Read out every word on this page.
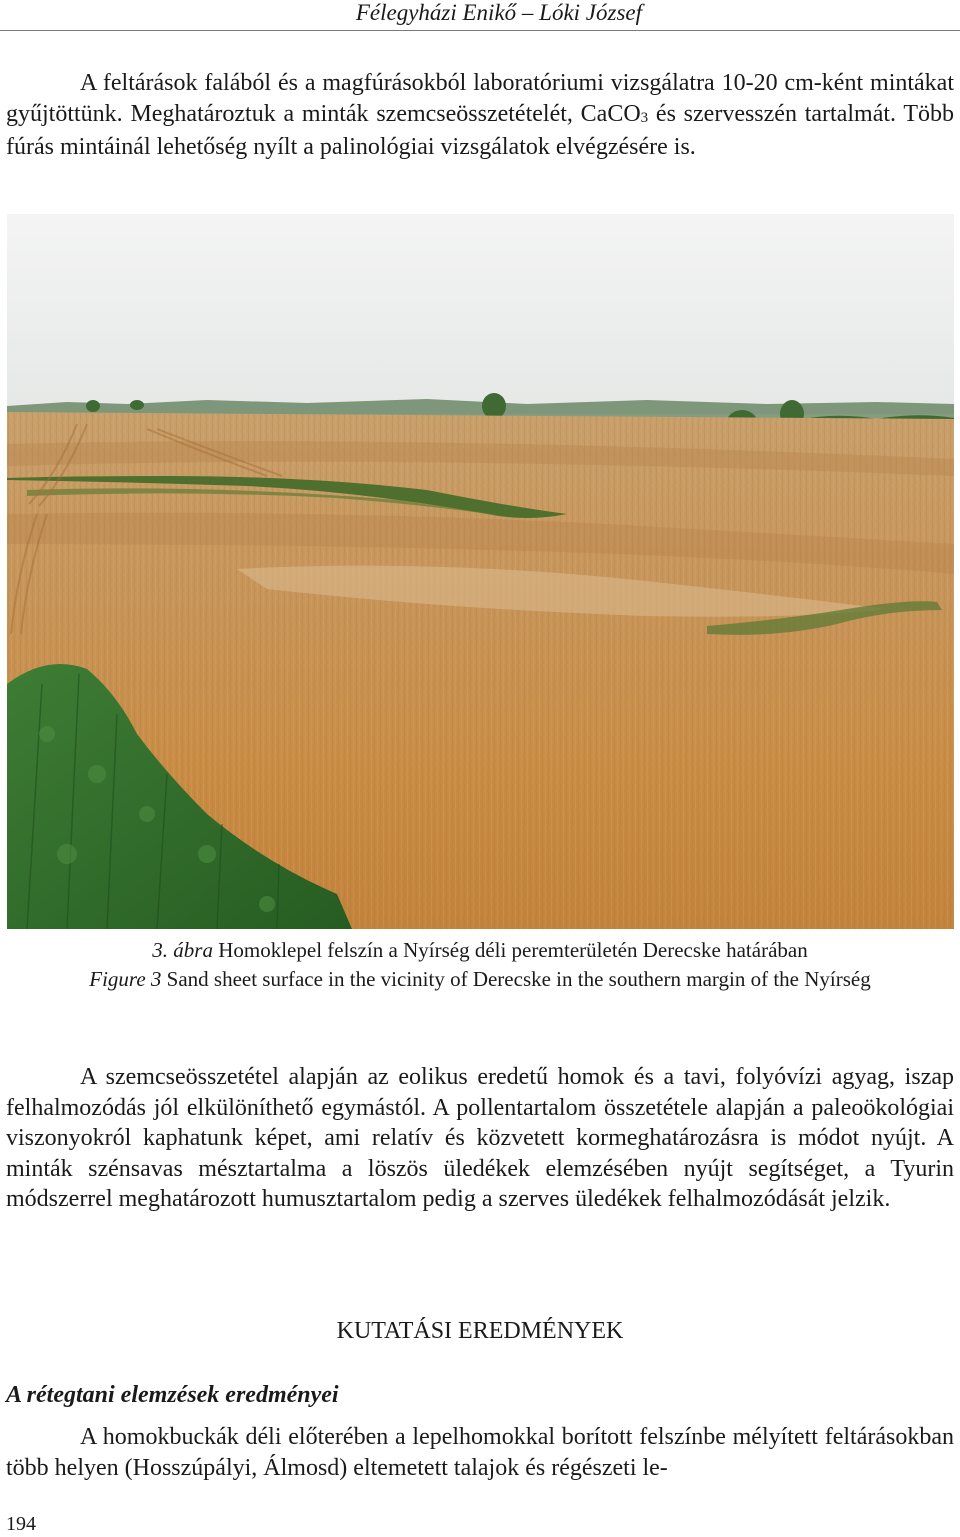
Félegyházi Enikő – Lóki József

A feltárások falából és a magfúrásokból laboratóriumi vizsgálatra 10-20 cm-ként mintákat gyűjtöttünk. Meghatároztuk a minták szemcseösszetételét, CaCO$_3$ és szervesszén tartalmát. Több fúrás mintáinál lehetőség nyílt a palinológiai vizsgálatok elvégzésére is.

3. ábra Homoklepel felszín a Nyírség déli peremterületén Derecske határában

Figure 3 Sand sheet surface in the vicinity of Derecske in the southern margin of the Nyírség

A szemcseösszetétel alapján az eolikus eredetű homok és a tavi, folyóvízi agyag, iszap felhalmozódás jól elkülöníthető egymástól. A pollentartalom összetétele alapján a paleoökológiai viszonyokról kaphatunk képet, ami relatív és közvetett kormeghatározásra is módot nyújt. A minták szénsavas mésztartalma a löszös üledékek elemzésében nyújt segítséget, a Tyurin módszerrel meghatározott humusztartalom pedig a szerves üledékek felhalmozódását jelzik.

KUTATÁSI EREDMÉNYEK
A rétegtani elemzések eredményei

A homokbuckák déli előterében a lepelhomokkal borított felszínbe mélyített feltárásokban több helyen (Hosszúpályi, Álmosd) eltemetett talajok és régészeti le-

194
